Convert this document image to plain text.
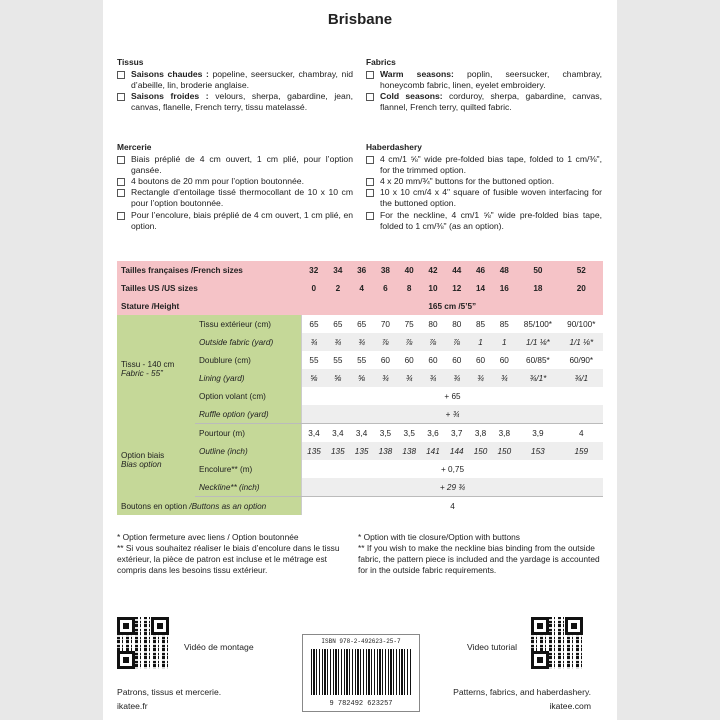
Brisbane
Tissus
Saisons chaudes : popeline, seersucker, chambray, nid d’abeille, lin, broderie anglaise.
Saisons froides : velours, sherpa, gabardine, jean, canvas, flanelle, French terry, tissu matelassé.
Fabrics
Warm seasons: poplin, seersucker, chambray, honeycomb fabric, linen, eyelet embroidery.
Cold seasons: corduroy, sherpa, gabardine, canvas, flannel, French terry, quilted fabric.
Mercerie
Biais préplié de 4 cm ouvert, 1 cm plié, pour l’option gansée.
4 boutons de 20 mm pour l’option boutonnée.
Rectangle d’entoilage tissé thermocollant de 10 x 10 cm pour l’option boutonnée.
Pour l’encolure, biais préplié de 4 cm ouvert, 1 cm plié, en option.
Haberdashery
4 cm/1 ⅝" wide pre-folded bias tape, folded to 1 cm/⅜", for the trimmed option.
4 x 20 mm/¾" buttons for the buttoned option.
10 x 10 cm/4 x 4" square of fusible woven interfacing for the buttoned option.
For the neckline, 4 cm/1 ⅝" wide pre-folded bias tape, folded to 1 cm/⅜" (as an option).
Tailles françaises /French sizes		32	34	36	38	40	42	44	46	48	50	52
Tailles US /US sizes		0	2	4	6	8	10	12	14	16	18	20
Stature /Height		165 cm /5’5”										
Tissu - 140 cm
Fabric - 55”	Tissu extérieur (cm)	65	65	65	70	75	80	80	85	85	85/100*	90/100*
	Outside fabric (yard)	¾	¾	¾	⅞	⅞	⅞	⅞	1	1	1/1 ⅛*	1/1 ⅛*
	Doublure (cm)	55	55	55	60	60	60	60	60	60	60/85*	60/90*
	Lining (yard)	⅝	⅝	⅝	¾	¾	¾	¾	¾	¾	¾/1*	¾/1
	Option volant (cm)	+ 65										
	Ruffle option (yard)	+ ¾										
Option biais
Bias option	Pourtour (m)	3,4	3,4	3,4	3,5	3,5	3,6	3,7	3,8	3,8	3,9	4
	Outline (inch)	135	135	135	138	138	141	144	150	150	153	159
	Encolure** (m)	+ 0,75										
	Neckline** (inch)	+ 29 ¾										
Boutons en option /Buttons as an option		4										
* Option fermeture avec liens / Option boutonnée
** Si vous souhaitez réaliser le biais d’encolure dans le tissu extérieur, la pièce de patron est incluse et le métrage est compris dans les besoins tissu extérieur.
* Option with tie closure/Option with buttons
** If you wish to make the neckline bias binding from the outside fabric, the pattern piece is included and the yardage is accounted for in the outside fabric requirements.
Vidéo de montage
ISBN 978-2-492623-25-7
9 782492 623257
Video tutorial
Patrons, tissus et mercerie.
ikatee.fr
Patterns, fabrics, and haberdashery.
ikatee.com
